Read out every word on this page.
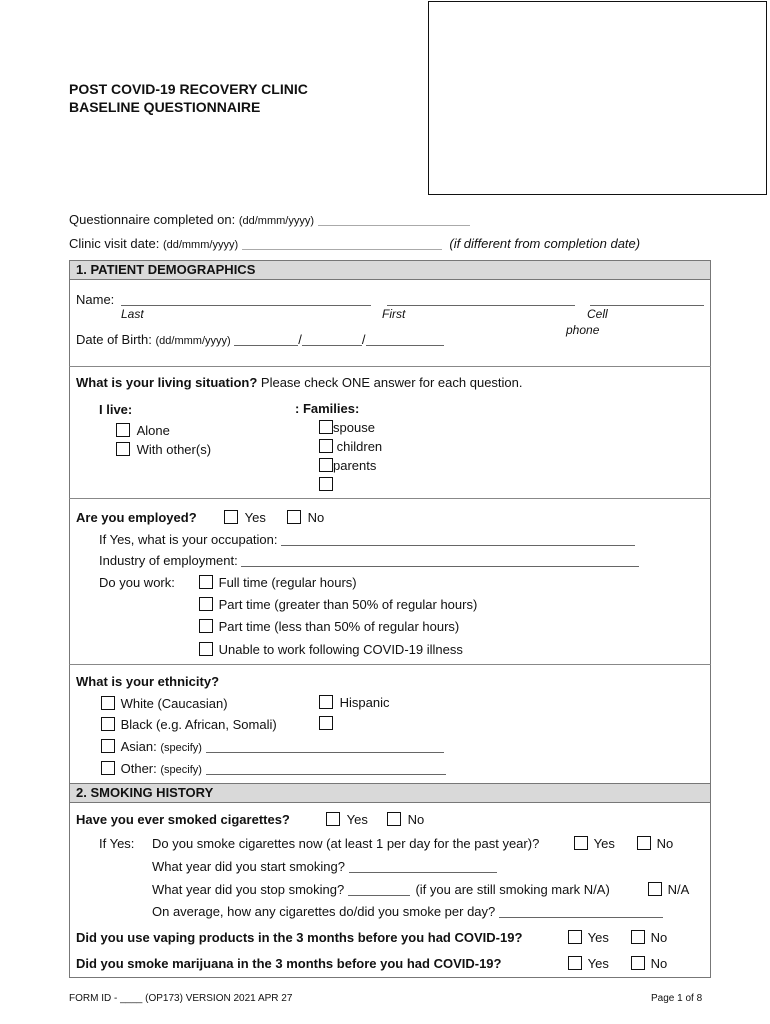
POST COVID-19 RECOVERY CLINIC
BASELINE QUESTIONNAIRE
Questionnaire completed on: (dd/mmm/yyyy)
Clinic visit date: (dd/mmm/yyyy)	(if different from completion date)
1. PATIENT DEMOGRAPHICS
Name:
Last	First	Cell
phone
Date of Birth: (dd/mmm/yyyy)	/	/
What is your living situation? Please check ONE answer for each question.
I live:	: Families:
Alone
With other(s)
spouse
children
parents
Are you employed?	Yes	No
If Yes, what is your occupation:
Industry of employment:
Do you work:	Full time (regular hours)
Part time (greater than 50% of regular hours)
Part time (less than 50% of regular hours)
Unable to work following COVID-19 illness
What is your ethnicity?
White (Caucasian)
Black (e.g. African, Somali)
Asian: (specify)
Other: (specify)
Hispanic
2. SMOKING HISTORY
Have you ever smoked cigarettes?	Yes	No
If Yes: Do you smoke cigarettes now (at least 1 per day for the past year)?	Yes	No
What year did you start smoking?
What year did you stop smoking?	(if you are still smoking mark N/A)	N/A
On average, how any cigarettes do/did you smoke per day?
Did you use vaping products in the 3 months before you had COVID-19?	Yes	No
Did you smoke marijuana in the 3 months before you had COVID-19?	Yes	No
FORM ID - ____ (OP173) VERSION 2021 APR 27	Page 1 of 8
